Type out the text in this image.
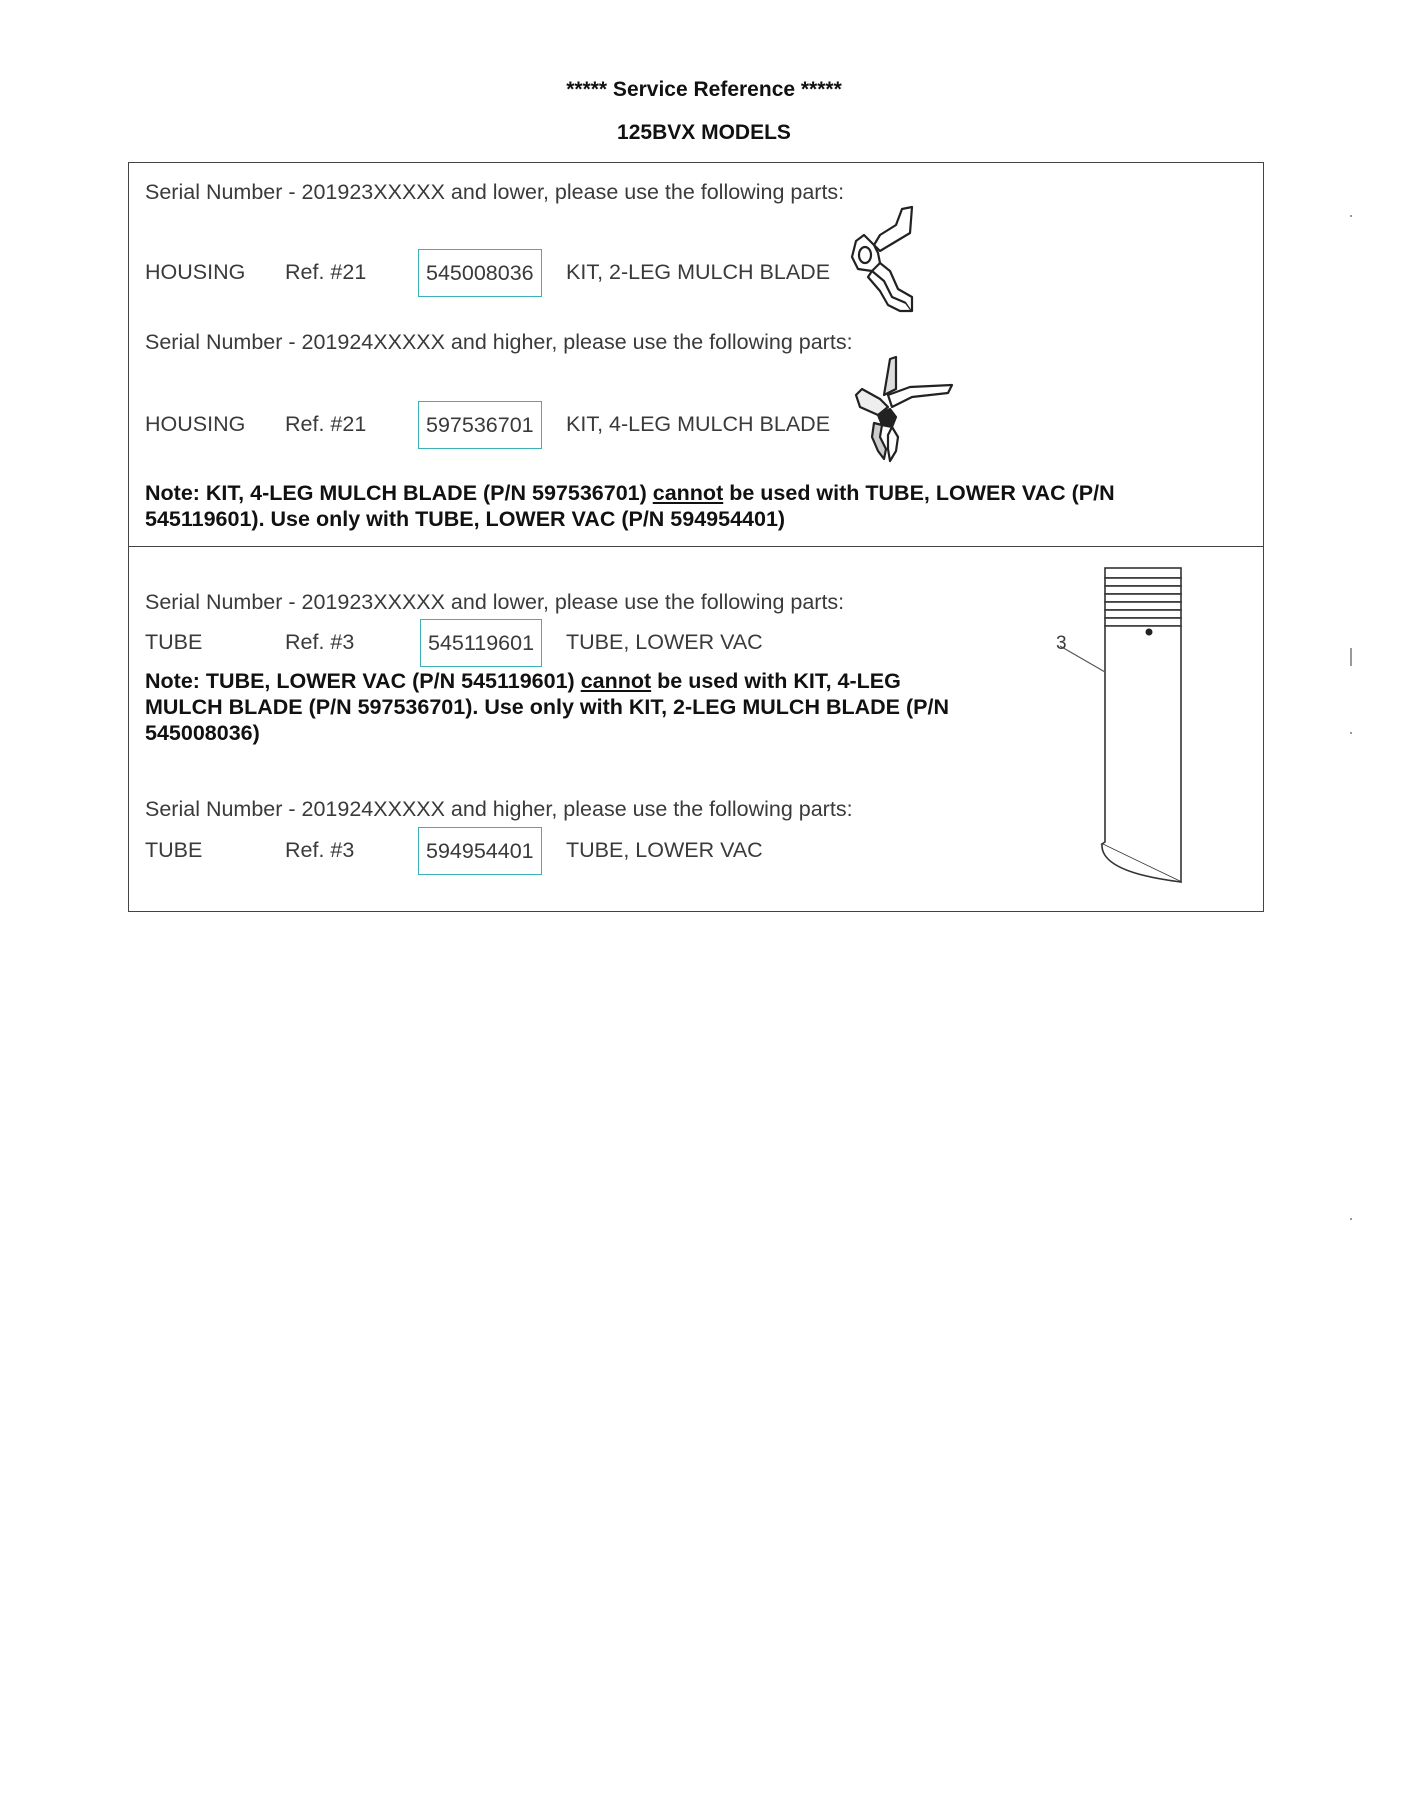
***** Service Reference *****
125BVX MODELS
Serial Number - 201923XXXXX and lower, please use the following parts:
HOUSING Ref. #21	545008036	KIT, 2-LEG MULCH BLADE
Serial Number - 201924XXXXX and higher, please use the following parts:
HOUSING Ref. #21	597536701	KIT, 4-LEG MULCH BLADE
Note: KIT, 4-LEG MULCH BLADE (P/N 597536701) cannot be used with TUBE, LOWER VAC (P/N 545119601). Use only with TUBE, LOWER VAC (P/N 594954401)
Serial Number - 201923XXXXX and lower, please use the following parts:
TUBE	Ref. #3	545119601	TUBE, LOWER VAC
Note: TUBE, LOWER VAC (P/N 545119601) cannot be used with KIT, 4-LEG MULCH BLADE (P/N 597536701). Use only with KIT, 2-LEG MULCH BLADE (P/N 545008036)
Serial Number - 201924XXXXX and higher, please use the following parts:
TUBE	Ref. #3	594954401	TUBE, LOWER VAC
3
